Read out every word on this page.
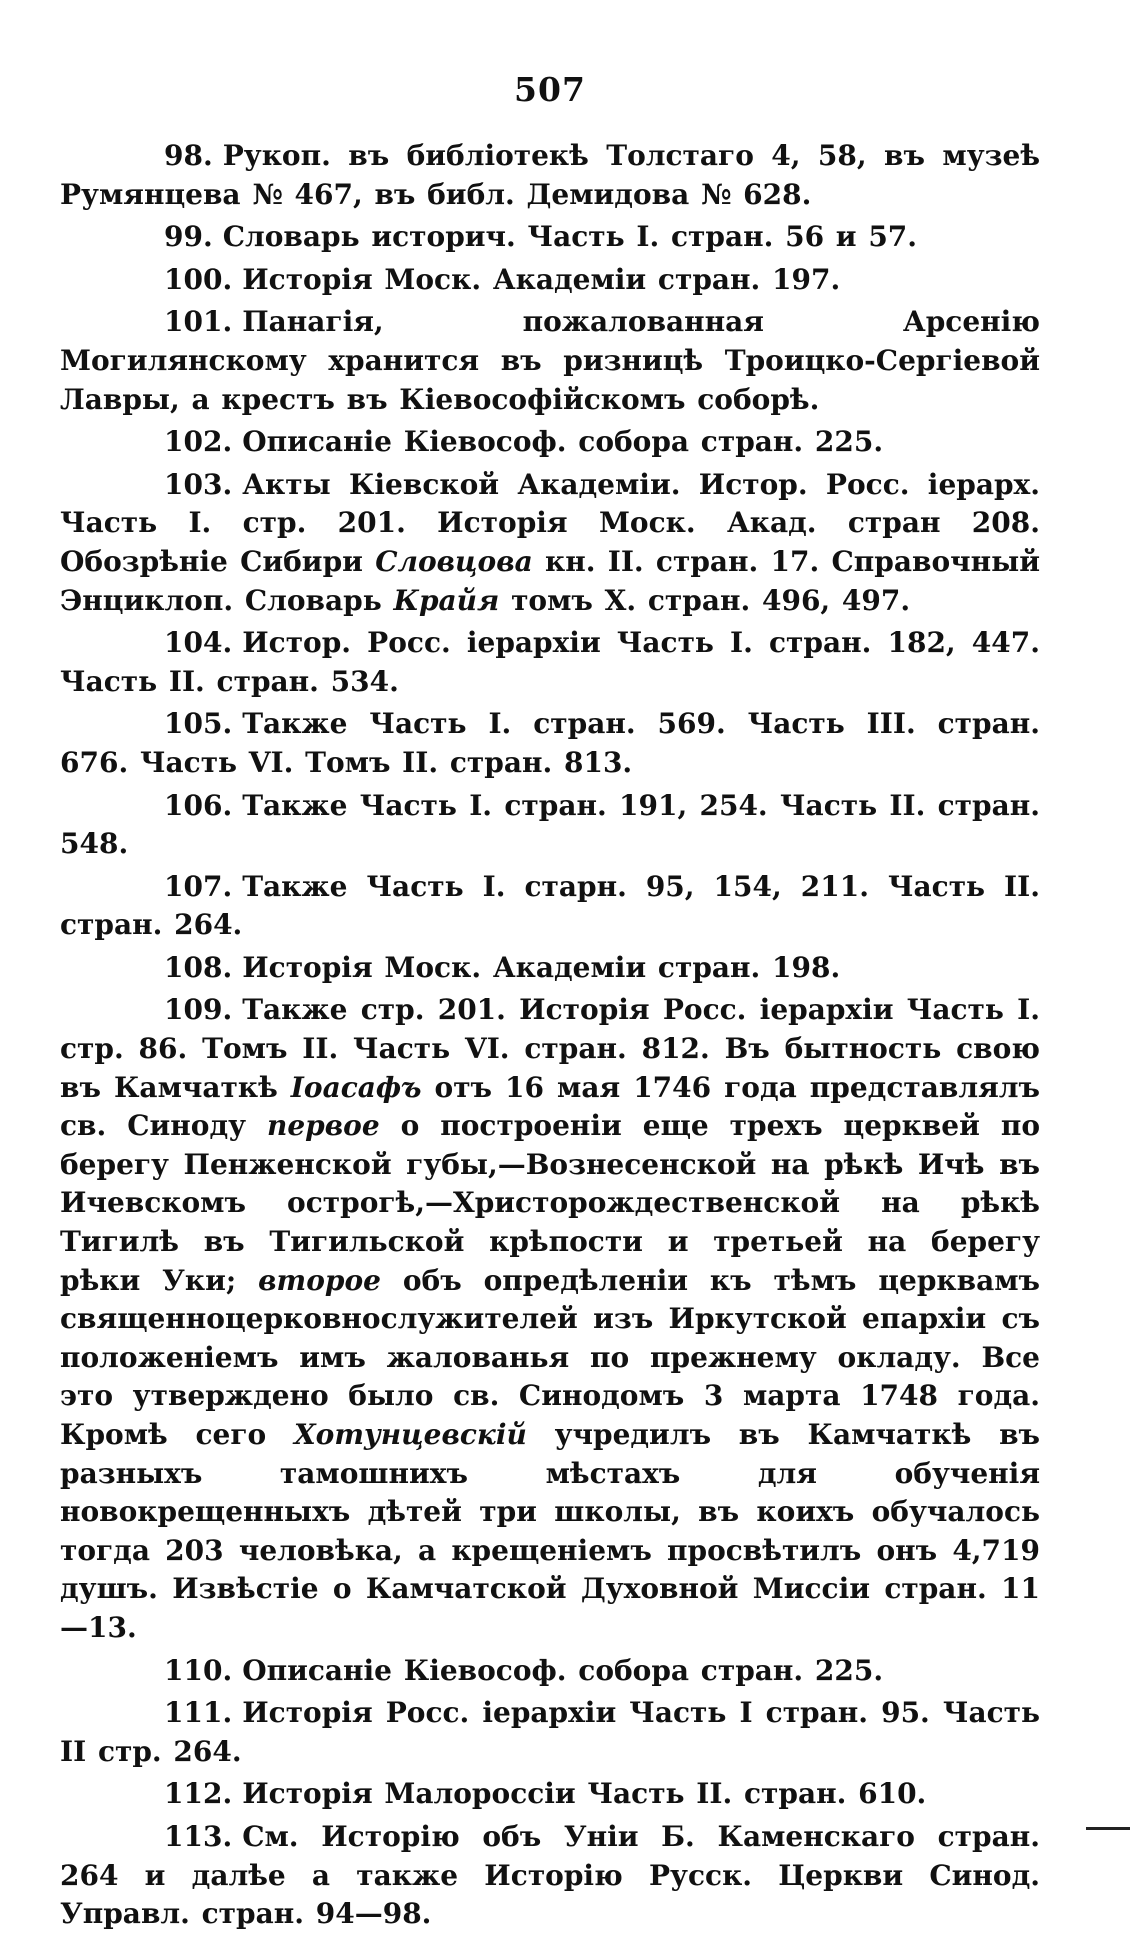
507
98. Рукоп. въ библіотекѣ Толстаго 4, 58, въ музеѣ Румянцева № 467, въ библ. Демидова № 628.
99. Словарь историч. Часть I. стран. 56 и 57.
100. Исторія Моск. Академіи стран. 197.
101. Панагія, пожалованная Арсенію Могилянскому хранится въ ризницѣ Троицко-Сергіевой Лавры, а крестъ въ Кіевософійскомъ соборѣ.
102. Описаніе Кіевософ. собора стран. 225.
103. Акты Кіевской Академіи. Истор. Росс. іерарх. Часть I. стр. 201. Исторія Моск. Акад. стран 208. Обозрѣніе Сибири Словцова кн. II. стран. 17. Справочный Энциклоп. Словарь Крайя томъ X. стран. 496, 497.
104. Истор. Росс. іерархіи Часть I. стран. 182, 447. Часть II. стран. 534.
105. Также Часть I. стран. 569. Часть III. стран. 676. Часть VI. Томъ II. стран. 813.
106. Также Часть I. стран. 191, 254. Часть II. стран. 548.
107. Также Часть I. старн. 95, 154, 211. Часть II. стран. 264.
108. Исторія Моск. Академіи стран. 198.
109. Также стр. 201. Исторія Росс. іерархіи Часть I. стр. 86. Томъ II. Часть VI. стран. 812. Въ бытность свою въ Камчаткѣ Іоасафъ отъ 16 мая 1746 года представлялъ св. Синоду первое о построеніи еще трехъ церквей по берегу Пенженской губы,—Вознесенской на рѣкѣ Ичѣ въ Ичевскомъ острогѣ,—Христорождественской на рѣкѣ Тигилѣ въ Тигильской крѣпости и третьей на берегу рѣки Уки; второе объ опредѣленіи къ тѣмъ церквамъ священноцерковнослужителей изъ Иркутской епархіи съ положеніемъ имъ жалованья по прежнему окладу. Все это утверждено было св. Синодомъ 3 марта 1748 года. Кромѣ сего Хотунцевскій учредилъ въ Камчаткѣ въ разныхъ тамошнихъ мѣстахъ для обученія новокрещенныхъ дѣтей три школы, въ коихъ обучалось тогда 203 человѣка, а крещеніемъ просвѣтилъ онъ 4,719 душъ. Извѣстіе о Камчатской Духовной Миссіи стран. 11—13.
110. Описаніе Кіевософ. собора стран. 225.
111. Исторія Росс. іерархіи Часть I стран. 95. Часть II стр. 264.
112. Исторія Малороссіи Часть II. стран. 610.
113. См. Исторію объ Уніи Б. Каменскаго стран. 264 и далѣе а также Исторію Русск. Церкви Синод. Управл. стран. 94—98.
